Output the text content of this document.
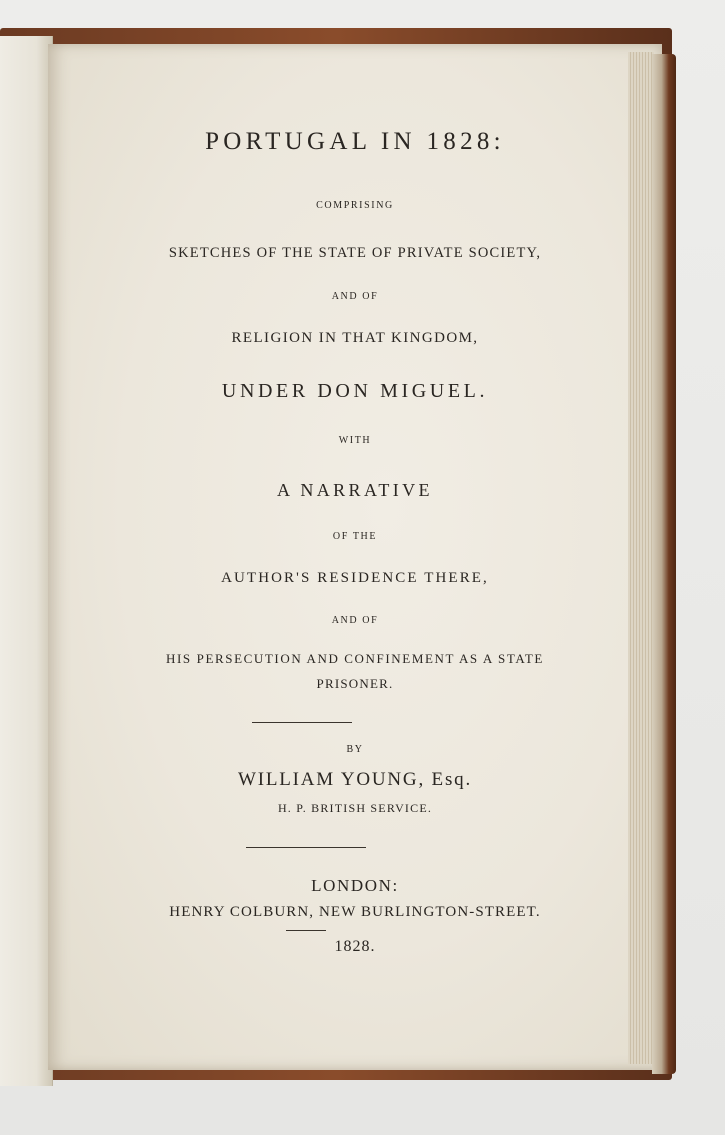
PORTUGAL IN 1828:
COMPRISING
SKETCHES OF THE STATE OF PRIVATE SOCIETY,
AND OF
RELIGION IN THAT KINGDOM,
UNDER DON MIGUEL.
WITH
A NARRATIVE
OF THE
AUTHOR'S RESIDENCE THERE,
AND OF
HIS PERSECUTION AND CONFINEMENT AS A STATE
PRISONER.
BY
WILLIAM YOUNG, Esq.
H. P. BRITISH SERVICE.
LONDON:
HENRY COLBURN, NEW BURLINGTON-STREET.
1828.
